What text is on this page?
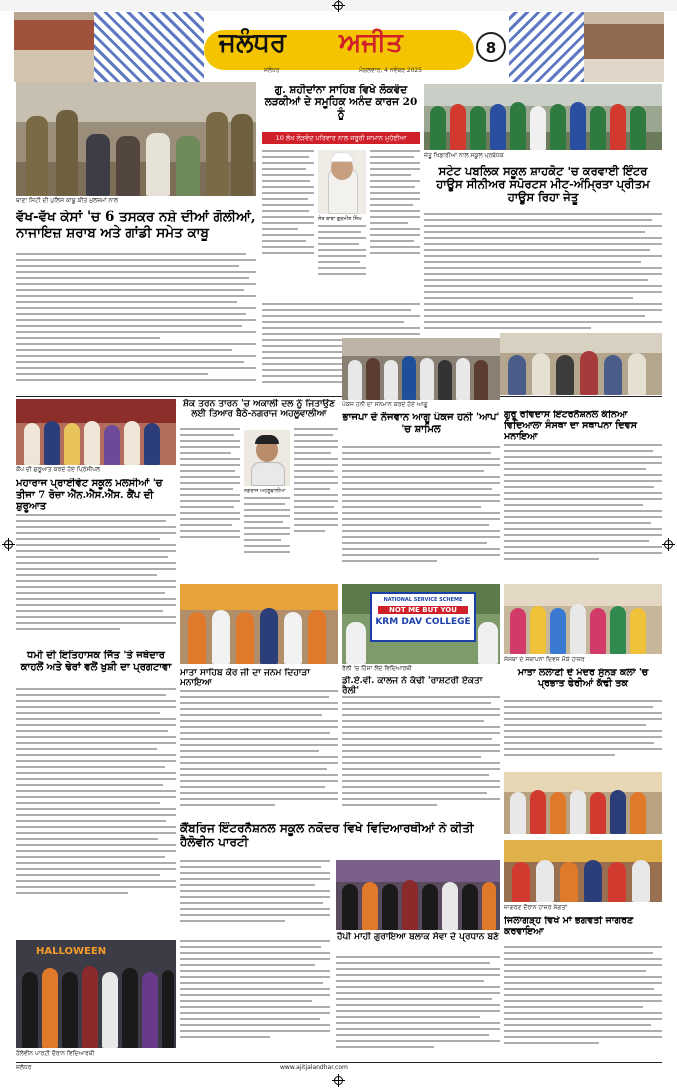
ਜਲੰਧਰ ਅਜੀਤ
ਜਲੰਧਰ	ਮੰਗਲਵਾਰ, 4 ਨਵੰਬਰ 2025
8
ਥਾਣਾ ਸਿਟੀ ਦੀ ਪੁਲਿਸ ਕਾਬੂ ਕੀਤੇ ਮੁਲਜ਼ਮਾਂ ਨਾਲ
ਵੱਖ-ਵੱਖ ਕੇਸਾਂ 'ਚ 6 ਤਸਕਰ ਨਸ਼ੇ ਦੀਆਂ ਗੋਲੀਆਂ, ਨਾਜਾਇਜ਼ ਸ਼ਰਾਬ ਅਤੇ ਗਾਂਡੀ ਸਮੇਤ ਕਾਬੂ
ਗੁ. ਸ਼ਹੀਦਾਂਨਾ ਸਾਹਿਬ ਵਿਖੇ ਲੋਕਵੰਦ ਲੜਕੀਆਂ ਦੇ ਸਮੂਹਿਕ ਅਨੰਦ ਕਾਰਜ 20 ਨੂੰ
10 ਲੱਖ ਲੋੜਵੰਦ ਪਰਿਵਾਰ ਨਾਲ ਜਰੂਰੀ ਸਾਮਾਨ ਮੁਹੱਈਆ
ਸੰਤ ਬਾਬਾ ਗੁਰਮੀਤ ਸਿੰਘ
ਜੇਤੂ ਖਿਡਾਰੀਆਂ ਨਾਲ ਸਕੂਲ ਪ੍ਰਬੰਧਕ
ਸਟੇਟ ਪਬਲਿਕ ਸਕੂਲ ਸ਼ਾਹਕੋਟ 'ਚ ਕਰਵਾਈ ਇੰਟਰ ਹਾਊਸ ਸੀਨੀਅਰ ਸਪੋਰਟਸ ਮੀਟ-ਅੰਮ੍ਰਿਤਾ ਪ੍ਰੀਤਮ ਹਾਊਸ ਰਿਹਾ ਜੇਤੂ
ਕੈਂਪ ਦੀ ਸ਼ੁਰੂਆਤ ਕਰਦੇ ਹੋਏ ਪ੍ਰਿੰਸੀਪਲ
ਮਹਾਰਾਜ ਪ੍ਰਾਈਵੇਟ ਸਕੂਲ ਮਲਸੀਆਂ 'ਚ ਤੀਜਾ 7 ਰੋਜ਼ਾ ਐੱਨ.ਐੱਸ.ਐੱਸ. ਕੈਂਪ ਦੀ ਸ਼ੁਰੂਆਤ
ਸ਼ੋਕ ਤਰਨ ਤਾਰਨ 'ਚ ਅਕਾਲੀ ਦਲ ਨੂੰ ਜਿਤਾਉਣ ਲਈ ਤਿਆਰ ਬੈਠੇ-ਨਗਰਾਜ ਅਹਲੂਵਾਲੀਆ
ਨਗਰਾਜ ਅਹਲੂਵਾਲੀਆ
ਪੰਕਜ ਹਨੀ ਦਾ ਸਨਮਾਨ ਕਰਦੇ ਹੋਏ ਆਗੂ
ਭਾਜਪਾ ਦੇ ਨੌਜਵਾਨ ਆਗੂ ਪੰਕਜ ਹਨੀ 'ਆਪ' 'ਚ ਸ਼ਾਮਿਲ
ਗੁਰੂ ਰਵਿਦਾਸ ਇੰਟਰਨੈਸ਼ਨਲ ਕੰਨਿਆ ਵਿਦਿਆਲਾ ਸੰਸਥਾ ਦਾ ਸਥਾਪਨਾ ਦਿਵਸ ਮਨਾਇਆ
ਸੰਸਥਾ ਦੇ ਸਥਾਪਨਾ ਦਿਵਸ ਮੌਕੇ ਹਾਜ਼ਰ
NATIONAL SERVICE SCHEME
NOT ME BUT YOU
KRM DAV COLLEGE
ਰੈਲੀ 'ਚ ਹਿੱਸਾ ਲੈਂਦੇ ਵਿਦਿਆਰਥੀ
ਧਮੀ ਦੀ ਇਤਿਹਾਸਕ ਜਿੱਤ 'ਤੇ ਜਥੇਦਾਰ ਕਾਹਲੋਂ ਅਤੇ ਢੇਰਾਂ ਵਲੋਂ ਖੁਸ਼ੀ ਦਾ ਪ੍ਰਗਟਾਵਾ
ਮਾਤਾ ਸਾਹਿਬ ਕੌਰ ਜੀ ਦਾ ਜਨਮ ਦਿਹਾੜਾ ਮਨਾਇਆ	ਡੀ.ਏ.ਵੀ. ਕਾਲਜ ਨੇ ਕੱਢੀ 'ਰਾਸ਼ਟਰੀ ਏਕਤਾ ਰੈਲੀ'
ਮਾਤਾ ਲਲਾਣੀ ਦੇ ਮੰਦਰ ਸੁੰਨੜ ਕਲਾਂ 'ਚ ਪ੍ਰਭਾਤ ਫੇਰੀਆਂ ਕੱਢੀ ਤਕ
ਕੈਂਬਰਿਜ ਇੰਟਰਨੈਸ਼ਨਲ ਸਕੂਲ ਨਕੋਦਰ ਵਿਖੇ ਵਿਦਿਆਰਥੀਆਂ ਨੇ ਕੀਤੀ ਹੈਲੋਵੀਨ ਪਾਰਟੀ
ਜਾਗਰਣ ਦੌਰਾਨ ਹਾਜ਼ਰ ਸੰਗਤਾਂ
ਜਿਲਾਗੜ੍ਹ ਵਿਖੇ ਮਾਂ ਭਗਵਤੀ ਜਾਗਰਣ ਕਰਵਾਇਆ
HALLOWEEN
ਹੈਲੋਵੀਨ ਪਾਰਟੀ ਦੌਰਾਨ ਵਿਦਿਆਰਥੀ
ਹੈਪੀ ਮਾਹੀ ਗੁਰਾਇਆ ਬਲਾਕ ਸੇਵਾ ਦੇ ਪ੍ਰਧਾਨ ਬਣੇ
ਜਲੰਧਰ	www.ajitjalandhar.com
